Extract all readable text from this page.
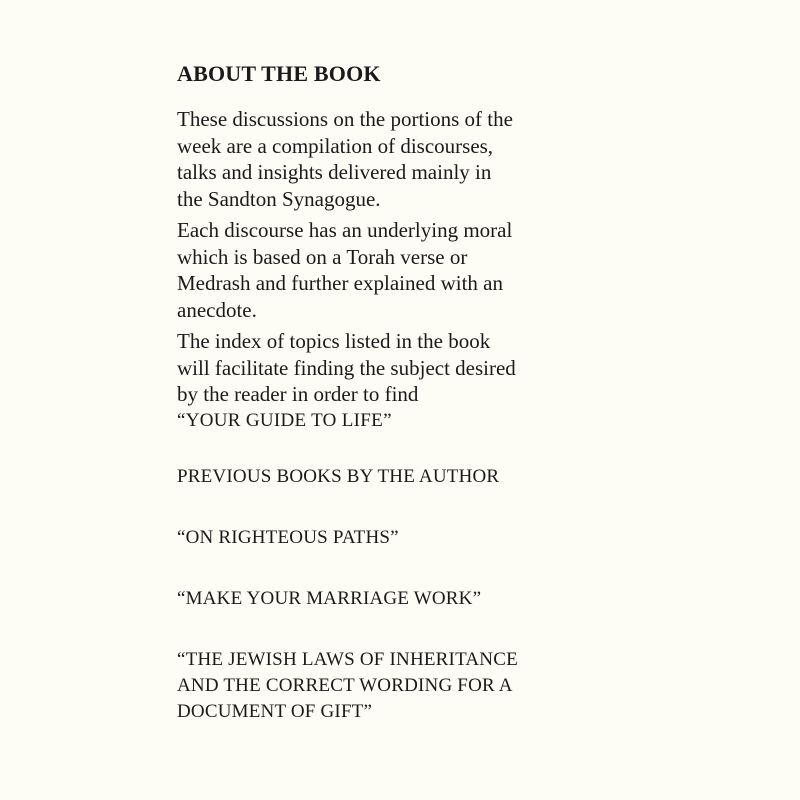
ABOUT THE BOOK
These discussions on the portions of the
week are a compilation of discourses,
talks and insights delivered mainly in
the Sandton Synagogue.
Each discourse has an underlying moral
which is based on a Torah verse or
Medrash and further explained with an
anecdote.
The index of topics listed in the book
will facilitate finding the subject desired
by the reader in order to find
“YOUR GUIDE TO LIFE”
PREVIOUS BOOKS BY THE AUTHOR
“ON RIGHTEOUS PATHS”
“MAKE YOUR MARRIAGE WORK”
“THE JEWISH LAWS OF INHERITANCE
AND THE CORRECT WORDING FOR A
DOCUMENT OF GIFT”
